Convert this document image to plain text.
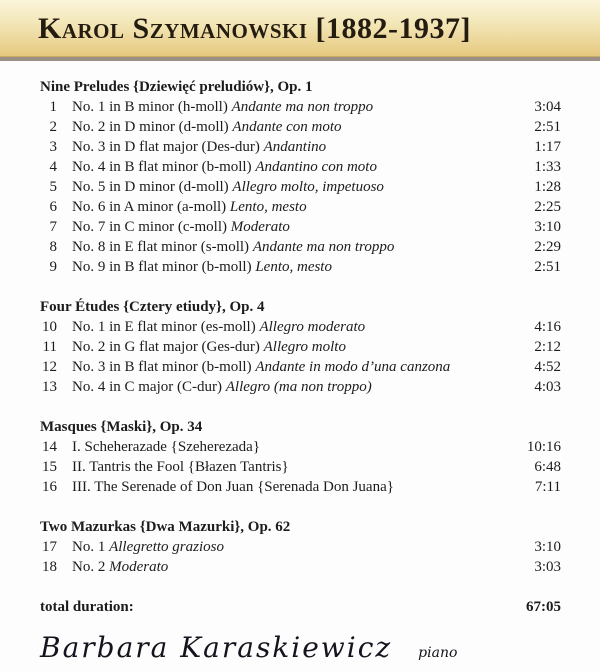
Karol Szymanowski [1882-1937]
Nine Preludes {Dziewięć preludiów}, Op. 1
1	No. 1 in B minor (h-moll) Andante ma non troppo	3:04
2	No. 2 in D minor (d-moll) Andante con moto	2:51
3	No. 3 in D flat major (Des-dur) Andantino	1:17
4	No. 4 in B flat minor (b-moll) Andantino con moto	1:33
5	No. 5 in D minor (d-moll) Allegro molto, impetuoso	1:28
6	No. 6 in A minor (a-moll) Lento, mesto	2:25
7	No. 7 in C minor (c-moll) Moderato	3:10
8	No. 8 in E flat minor (s-moll) Andante ma non troppo	2:29
9	No. 9 in B flat minor (b-moll) Lento, mesto	2:51
Four Études {Cztery etiudy}, Op. 4
10	No. 1 in E flat minor (es-moll) Allegro moderato	4:16
11	No. 2 in G flat major (Ges-dur) Allegro molto	2:12
12	No. 3 in B flat minor (b-moll) Andante in modo d’una canzona	4:52
13	No. 4 in C major (C-dur) Allegro (ma non troppo)	4:03
Masques {Maski}, Op. 34
14	I. Scheherazade {Szeherezada}	10:16
15	II. Tantris the Fool {Błazen Tantris}	6:48
16	III. The Serenade of Don Juan {Serenada Don Juana}	7:11
Two Mazurkas {Dwa Mazurki}, Op. 62
17	No. 1 Allegretto grazioso	3:10
18	No. 2 Moderato	3:03
total duration:	67:05
Barbara Karaskiewicz piano
